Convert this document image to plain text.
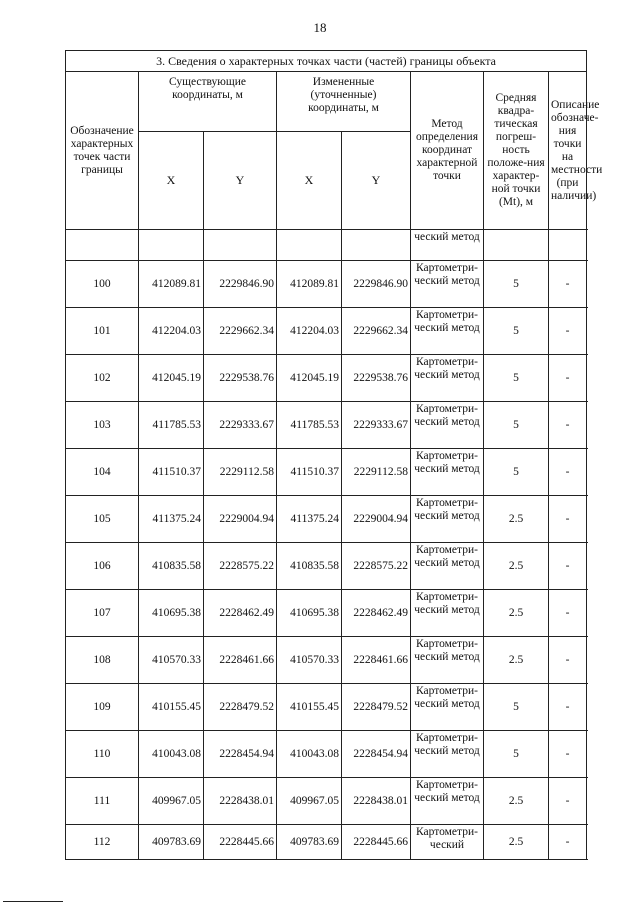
18
3. Сведения о характерных точках части (частей) границы объекта							
Обозначение характерных точек части границы	Существующие координаты, м		Измененные (уточненные) координаты, м		Метод определения координат характерной точки	Средняя квадра-тическая погреш-ность положе-ния характер-ной точки (Mt), м	Описание обозначе-ния точки на местности (при наличии)
	X	Y	X	Y			
					ческий метод		
100	412089.81	2229846.90	412089.81	2229846.90	Картометри-ческий метод	5	-
101	412204.03	2229662.34	412204.03	2229662.34	Картометри-ческий метод	5	-
102	412045.19	2229538.76	412045.19	2229538.76	Картометри-ческий метод	5	-
103	411785.53	2229333.67	411785.53	2229333.67	Картометри-ческий метод	5	-
104	411510.37	2229112.58	411510.37	2229112.58	Картометри-ческий метод	5	-
105	411375.24	2229004.94	411375.24	2229004.94	Картометри-ческий метод	2.5	-
106	410835.58	2228575.22	410835.58	2228575.22	Картометри-ческий метод	2.5	-
107	410695.38	2228462.49	410695.38	2228462.49	Картометри-ческий метод	2.5	-
108	410570.33	2228461.66	410570.33	2228461.66	Картометри-ческий метод	2.5	-
109	410155.45	2228479.52	410155.45	2228479.52	Картометри-ческий метод	5	-
110	410043.08	2228454.94	410043.08	2228454.94	Картометри-ческий метод	5	-
111	409967.05	2228438.01	409967.05	2228438.01	Картометри-ческий метод	2.5	-
112	409783.69	2228445.66	409783.69	2228445.66	Картометри-ческий	2.5	-
